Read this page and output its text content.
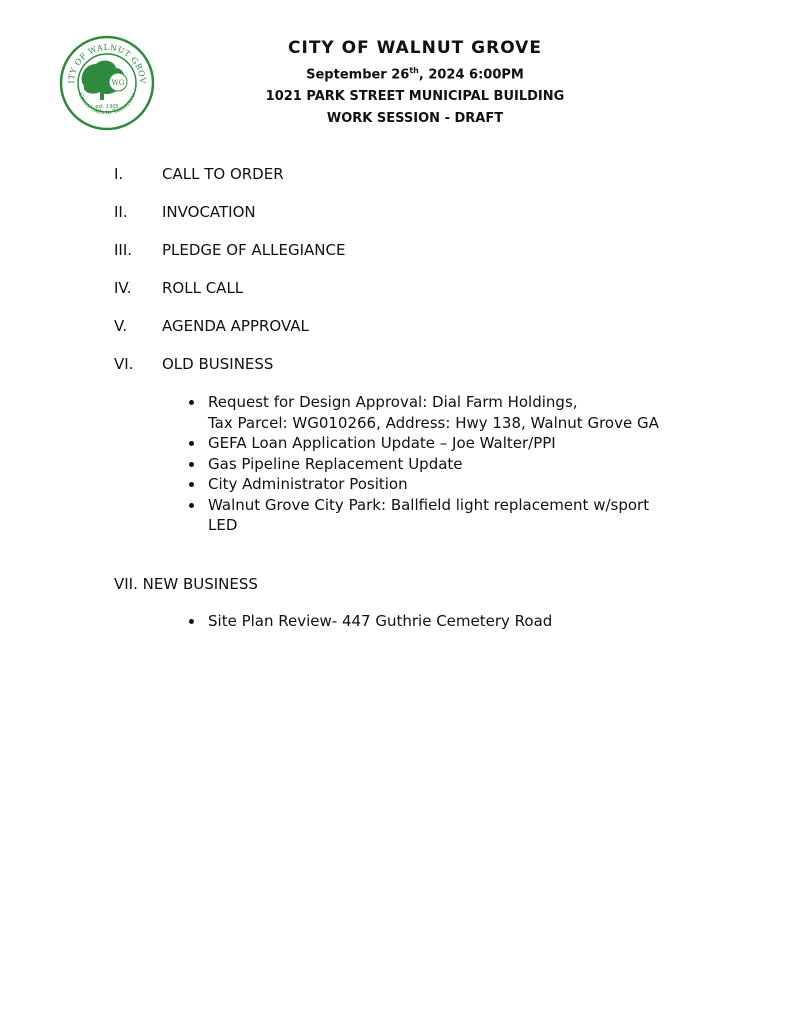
ITY OF WALNUT GROV
Crossroads to Tomorrow
WG
est. 1905
CITY OF WALNUT GROVE
September 26th, 2024 6:00PM
1021 PARK STREET MUNICIPAL BUILDING
WORK SESSION - DRAFT
I.	CALL TO ORDER
II. INVOCATION
III. PLEDGE OF ALLEGIANCE
IV. ROLL CALL
V. AGENDA APPROVAL
VI. OLD BUSINESS
Request for Design Approval: Dial Farm Holdings,
Tax Parcel: WG010266, Address: Hwy 138, Walnut Grove GA
GEFA Loan Application Update – Joe Walter/PPI
Gas Pipeline Replacement Update
City Administrator Position
Walnut Grove City Park: Ballfield light replacement w/sport
LED
VII. NEW BUSINESS
Site Plan Review- 447 Guthrie Cemetery Road
